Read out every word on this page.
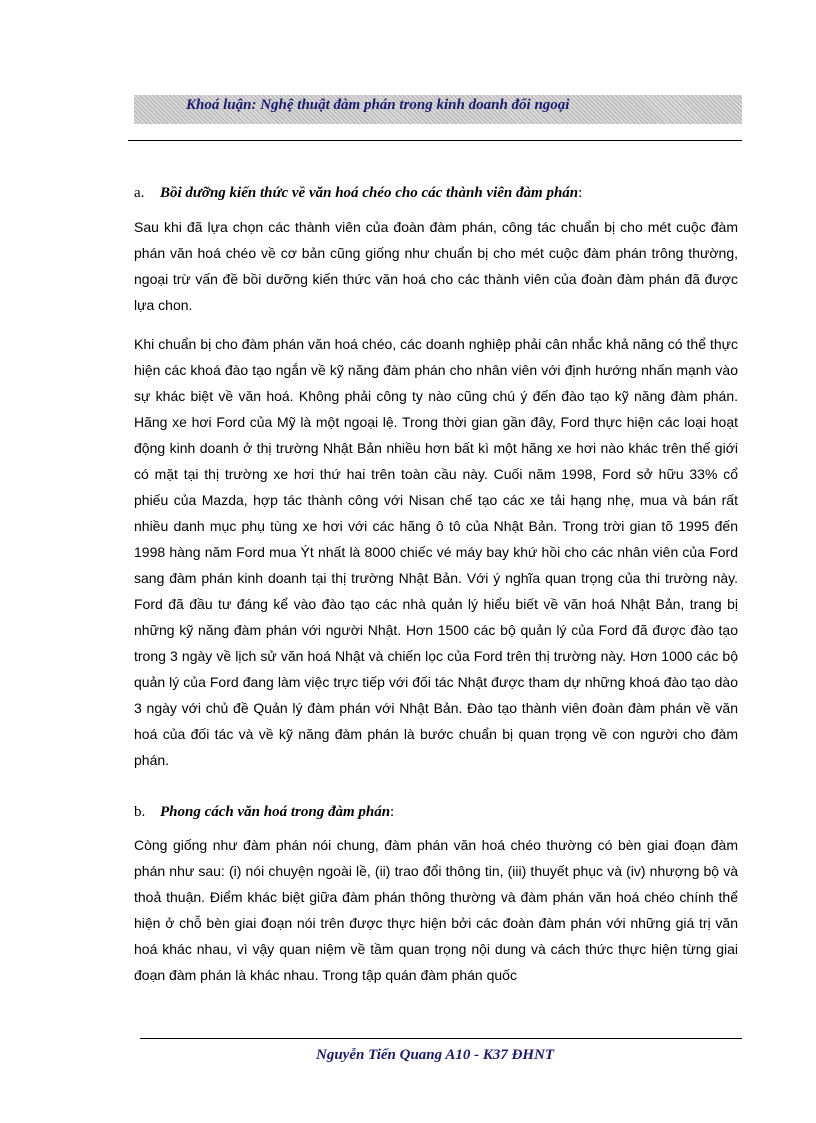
Khoá luận: Nghệ thuật đàm phán trong kinh doanh đối ngoại
a. Bồi dưỡng kiến thức về văn hoá chéo cho các thành viên đàm phán:

Sau khi đã lựa chọn các thành viên của đoàn đàm phán, công tác chuẩn bị cho mét cuộc đàm phán văn hoá chéo về cơ bản cũng giống như chuẩn bị cho mét cuộc đàm phán trông thường, ngoại trừ vấn đề bồi dưỡng kiến thức văn hoá cho các thành viên của đoàn đàm phán đã được lựa chon.

Khi chuẩn bị cho đàm phán văn hoá chéo, các doanh nghiệp phải cân nhắc khả năng có thể thực hiện các khoá đào tạo ngắn về kỹ năng đàm phán cho nhân viên với định hướng nhấn mạnh vào sự khác biệt về văn hoá. Không phải công ty nào cũng chú ý đến đào tạo kỹ năng đàm phán. Hãng xe hơi Ford của Mỹ là một ngoại lệ. Trong thời gian gần đây, Ford thực hiện các loại hoạt động kinh doanh ở thị trường Nhật Bản nhiều hơn bất kì một hãng xe hơi nào khác trên thế giới có mặt tại thị trường xe hơi thứ hai trên toàn cầu này. Cuối năm 1998, Ford sở hữu 33% cổ phiếu của Mazda, hợp tác thành công với Nisan chế tạo các xe tải hạng nhẹ, mua và bán rất nhiều danh mục phụ tùng xe hơi với các hãng ô tô của Nhật Bản. Trong trời gian tõ 1995 đến 1998 hàng năm Ford mua Ýt nhất là 8000 chiếc vé máy bay khứ hồi cho các nhân viên của Ford sang đàm phán kinh doanh tại thị trường Nhật Bản. Với ý nghĩa quan trọng của thi trường này. Ford đã đầu tư đáng kể vào đào tạo các nhà quản lý hiểu biết về văn hoá Nhật Bản, trang bị những kỹ năng đàm phán với người Nhật. Hơn 1500 các bộ quản lý của Ford đã được đào tạo trong 3 ngày về lịch sử văn hoá Nhật và chiến lọc của Ford trên thị trường này. Hơn 1000 các bộ quản lý của Ford đang làm việc trực tiếp với đối tác Nhật được tham dự những khoá đào tạo dào 3 ngày với chủ đề Quản lý đàm phán với Nhật Bản. Đào tạo thành viên đoàn đàm phán về văn hoá của đối tác và về kỹ năng đàm phán là bước chuẩn bị quan trọng về con người cho đàm phán.

b. Phong cách văn hoá trong đàm phán:

Còng giống như đàm phán nói chung, đàm phán văn hoá chéo thường có bèn giai đoạn đàm phán như sau: (i) nói chuyện ngoài lề, (ii) trao đổi thông tin, (iii) thuyết phục và (iv) nhượng bộ và thoả thuận. Điểm khác biệt giữa đàm phán thông thường và đàm phán văn hoá chéo chính thể hiện ở chỗ bèn giai đoạn nói trên được thực hiện bởi các đoàn đàm phán với những giá trị văn hoá khác nhau, vì vậy quan niệm về tầm quan trọng nội dung và cách thức thực hiện từng giai đoạn đàm phán là khác nhau. Trong tập quán đàm phán quốc

Nguyễn Tiến Quang A10 - K37 ĐHNT
